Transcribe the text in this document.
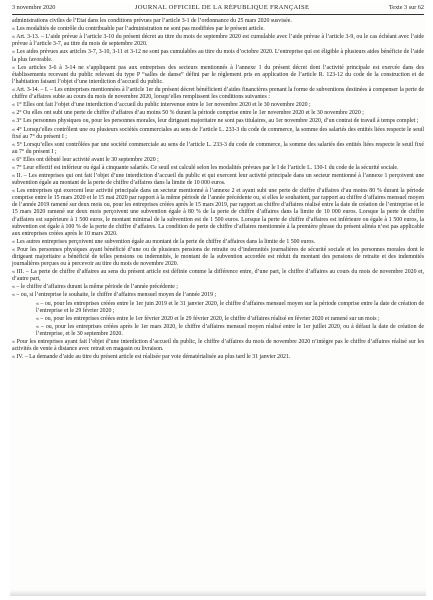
3 novembre 2020	JOURNAL OFFICIEL DE LA RÉPUBLIQUE FRANÇAISE	Texte 3 sur 62

administrations civiles de l’Etat dans les conditions prévues par l’article 3-1 de l’ordonnance du 25 mars 2020 susvisée.

« Les modalités de contrôle du contribuable par l’administration ne sont pas modifiées par le présent article.

« Art. 3-13. – L’aide prévue à l’article 3-10 du présent décret au titre du mois de septembre 2020 est cumulable avec l’aide prévue à l’article 3-9, ou le cas échéant avec l’aide prévue à l’article 3-7, au titre du mois de septembre 2020.

« Les aides prévues aux articles 3-7, 3-10, 3-11 et 3-12 ne sont pas cumulables au titre du mois d’octobre 2020. L’entreprise qui est éligible à plusieurs aides bénéficie de l’aide la plus favorable.

« Les articles 3-6 à 3-14 ne s’appliquent pas aux entreprises des secteurs mentionnés à l’annexe 1 du présent décret dont l’activité principale est exercée dans des établissements recevant du public relevant du type P “salles de danse” défini par le règlement pris en application de l’article R. 123-12 du code de la construction et de l’habitation faisant l’objet d’une interdiction d’accueil du public.

« Art. 3-14. – I. – Les entreprises mentionnées à l’article 1er du présent décret bénéficient d’aides financières prenant la forme de subventions destinées à compenser la perte de chiffre d’affaires subie au cours du mois de novembre 2020, lorsqu’elles remplissent les conditions suivantes :

« 1° Elles ont fait l’objet d’une interdiction d’accueil du public intervenue entre le 1er novembre 2020 et le 30 novembre 2020 ;

« 2° Ou elles ont subi une perte de chiffre d’affaires d’au moins 50 % durant la période comprise entre le 1er novembre 2020 et le 30 novembre 2020 ;

« 3° Les personnes physiques ou, pour les personnes morales, leur dirigeant majoritaire ne sont pas titulaires, au 1er novembre 2020, d’un contrat de travail à temps complet ;

« 4° Lorsqu’elles contrôlent une ou plusieurs sociétés commerciales au sens de l’article L. 233-3 du code de commerce, la somme des salariés des entités liées respecte le seuil fixé au 7° du présent I ;

« 5° Lorsqu’elles sont contrôlées par une société commerciale au sens de l’article L. 233-3 du code de commerce, la somme des salariés des entités liées respecte le seuil fixé au 7° du présent I ;

« 6° Elles ont débuté leur activité avant le 30 septembre 2020 ;

« 7° Leur effectif est inférieur ou égal à cinquante salariés. Ce seuil est calculé selon les modalités prévues par le I de l’article L. 130-1 du code de la sécurité sociale.

« II. – Les entreprises qui ont fait l’objet d’une interdiction d’accueil du public et qui exercent leur activité principale dans un secteur mentionné à l’annexe 1 perçoivent une subvention égale au montant de la perte de chiffre d’affaires dans la limite de 10 000 euros.

« Les entreprises qui exercent leur activité principale dans un secteur mentionné à l’annexe 2 et ayant subi une perte de chiffre d’affaires d’au moins 80 % durant la période comprise entre le 15 mars 2020 et le 15 mai 2020 par rapport à la même période de l’année précédente ou, si elles le souhaitent, par rapport au chiffre d’affaires mensuel moyen de l’année 2019 ramené sur deux mois ou, pour les entreprises créées après le 15 mars 2019, par rapport au chiffre d’affaires réalisé entre la date de création de l’entreprise et le 15 mars 2020 ramené sur deux mois perçoivent une subvention égale à 80 % de la perte de chiffre d’affaires dans la limite de 10 000 euros. Lorsque la perte de chiffre d’affaires est supérieure à 1 500 euros, le montant minimal de la subvention est de 1 500 euros. Lorsque la perte de chiffre d’affaires est inférieure ou égale à 1 500 euros, la subvention est égale à 100 % de la perte de chiffre d’affaires. La condition de perte de chiffre d’affaires mentionnée à la première phrase du présent alinéa n’est pas applicable aux entreprises créées après le 10 mars 2020.

« Les autres entreprises perçoivent une subvention égale au montant de la perte de chiffre d’affaires dans la limite de 1 500 euros.

« Pour les personnes physiques ayant bénéficié d’une ou de plusieurs pensions de retraite ou d’indemnités journalières de sécurité sociale et les personnes morales dont le dirigeant majoritaire a bénéficié de telles pensions ou indemnités, le montant de la subvention accordée est réduit du montant des pensions de retraite et des indemnités journalières perçues ou à percevoir au titre du mois de novembre 2020.

« III. – La perte de chiffre d’affaires au sens du présent article est définie comme la différence entre, d’une part, le chiffre d’affaires au cours du mois de novembre 2020 et, d’autre part,

« – le chiffre d’affaires durant la même période de l’année précédente ;

« – ou, si l’entreprise le souhaite, le chiffre d’affaires mensuel moyen de l’année 2019 ;

« – ou, pour les entreprises créées entre le 1er juin 2019 et le 31 janvier 2020, le chiffre d’affaires mensuel moyen sur la période comprise entre la date de création de l’entreprise et le 29 février 2020 ;

« – ou, pour les entreprises créées entre le 1er février 2020 et le 29 février 2020, le chiffre d’affaires réalisé en février 2020 et ramené sur un mois ;

« – ou, pour les entreprises créées après le 1er mars 2020, le chiffre d’affaires mensuel moyen réalisé entre le 1er juillet 2020, ou à défaut la date de création de l’entreprise, et le 30 septembre 2020.

« Pour les entreprises ayant fait l’objet d’une interdiction d’accueil du public, le chiffre d’affaires du mois de novembre 2020 n’intègre pas le chiffre d’affaires réalisé sur les activités de vente à distance avec retrait en magasin ou livraison.

« IV. – La demande d’aide au titre du présent article est réalisée par voie dématérialisée au plus tard le 31 janvier 2021.
